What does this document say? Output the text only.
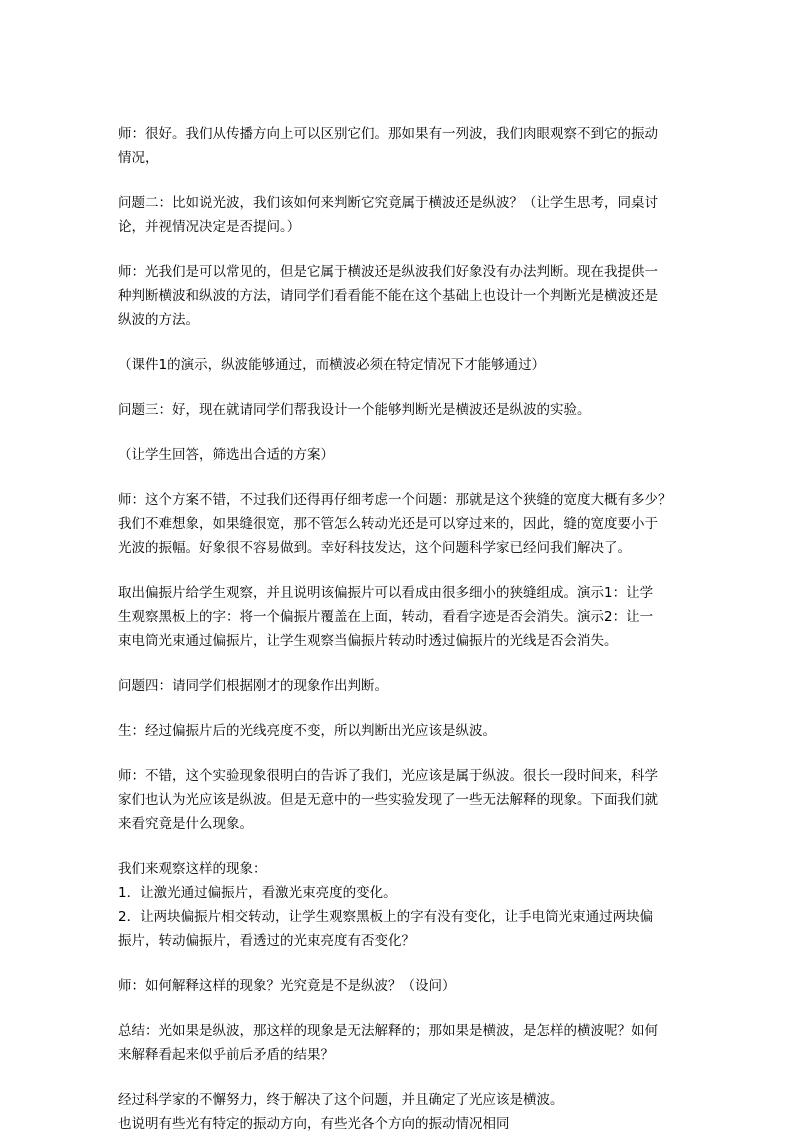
师：很好。我们从传播方向上可以区别它们。那如果有一列波，我们肉眼观察不到它的振动
情况，

问题二：比如说光波，我们该如何来判断它究竟属于横波还是纵波？（让学生思考，同桌讨
论，并视情况决定是否提问。）

师：光我们是可以常见的，但是它属于横波还是纵波我们好象没有办法判断。现在我提供一
种判断横波和纵波的方法，请同学们看看能不能在这个基础上也设计一个判断光是横波还是
纵波的方法。

（课件1的演示，纵波能够通过，而横波必须在特定情况下才能够通过）

问题三：好，现在就请同学们帮我设计一个能够判断光是横波还是纵波的实验。

（让学生回答，筛选出合适的方案）

师：这个方案不错，不过我们还得再仔细考虑一个问题：那就是这个狭缝的宽度大概有多少？
我们不难想象，如果缝很宽，那不管怎么转动光还是可以穿过来的，因此，缝的宽度要小于
光波的振幅。好象很不容易做到。幸好科技发达，这个问题科学家已经问我们解决了。

取出偏振片给学生观察，并且说明该偏振片可以看成由很多细小的狭缝组成。演示1：让学
生观察黑板上的字：将一个偏振片覆盖在上面，转动，看看字迹是否会消失。演示2：让一
束电筒光束通过偏振片，让学生观察当偏振片转动时透过偏振片的光线是否会消失。

问题四：请同学们根据刚才的现象作出判断。

生：经过偏振片后的光线亮度不变，所以判断出光应该是纵波。

师：不错，这个实验现象很明白的告诉了我们，光应该是属于纵波。很长一段时间来，科学
家们也认为光应该是纵波。但是无意中的一些实验发现了一些无法解释的现象。下面我们就
来看究竟是什么现象。

我们来观察这样的现象：
1．让激光通过偏振片，看激光束亮度的变化。
2．让两块偏振片相交转动，让学生观察黑板上的字有没有变化，让手电筒光束通过两块偏
振片，转动偏振片，看透过的光束亮度有否变化？

师：如何解释这样的现象？光究竟是不是纵波？（设问）

总结：光如果是纵波，那这样的现象是无法解释的；那如果是横波，是怎样的横波呢？如何
来解释看起来似乎前后矛盾的结果？

经过科学家的不懈努力，终于解决了这个问题，并且确定了光应该是横波。
也说明有些光有特定的振动方向，有些光各个方向的振动情况相同
